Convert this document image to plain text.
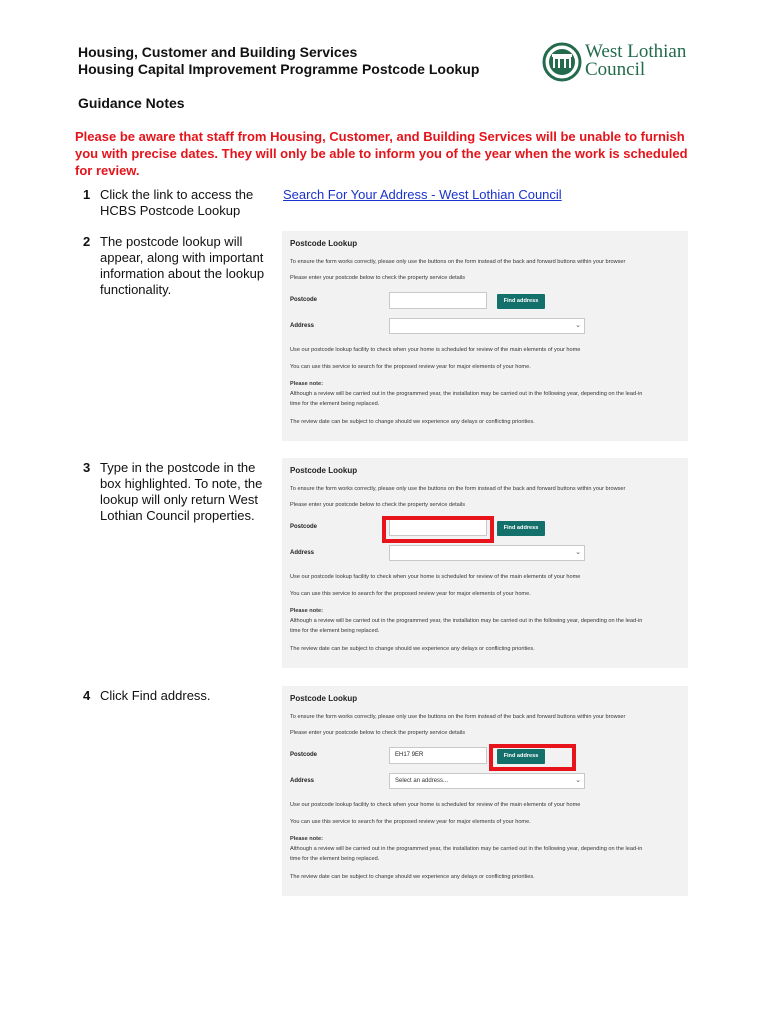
Housing, Customer and Building Services
Housing Capital Improvement Programme Postcode Lookup
West Lothian
Council
Guidance Notes
Please be aware that staff from Housing, Customer, and Building Services will be unable to furnish you with precise dates. They will only be able to inform you of the year when the work is scheduled for review.
1 Click the link to access the HCBS Postcode Lookup
Search For Your Address - West Lothian Council
2 The postcode lookup will appear, along with important information about the lookup functionality.
Postcode Lookup
To ensure the form works correctly, please only use the buttons on the form instead of the back and forward buttons within your browser
Please enter your postcode below to check the property service details
Postcode	Find address
Address	⌄
Use our postcode lookup facility to check when your home is scheduled for review of the main elements of your home
You can use this service to search for the proposed review year for major elements of your home.
Please note:
Although a review will be carried out in the programmed year, the installation may be carried out in the following year, depending on the lead-in
time for the element being replaced.
The review date can be subject to change should we experience any delays or conflicting priorities.
3 Type in the postcode in the box highlighted. To note, the lookup will only return West Lothian Council properties.
Postcode Lookup
To ensure the form works correctly, please only use the buttons on the form instead of the back and forward buttons within your browser
Please enter your postcode below to check the property service details
Postcode	Find address
Address	⌄
Use our postcode lookup facility to check when your home is scheduled for review of the main elements of your home
You can use this service to search for the proposed review year for major elements of your home.
Please note:
Although a review will be carried out in the programmed year, the installation may be carried out in the following year, depending on the lead-in
time for the element being replaced.
The review date can be subject to change should we experience any delays or conflicting priorities.
4 Click Find address.	Postcode Lookup
To ensure the form works correctly, please only use the buttons on the form instead of the back and forward buttons within your browser
Please enter your postcode below to check the property service details
Postcode	EH17 9ER	Find address
Address	Select an address...	⌄
Use our postcode lookup facility to check when your home is scheduled for review of the main elements of your home
You can use this service to search for the proposed review year for major elements of your home.
Please note:
Although a review will be carried out in the programmed year, the installation may be carried out in the following year, depending on the lead-in
time for the element being replaced.
The review date can be subject to change should we experience any delays or conflicting priorities.
